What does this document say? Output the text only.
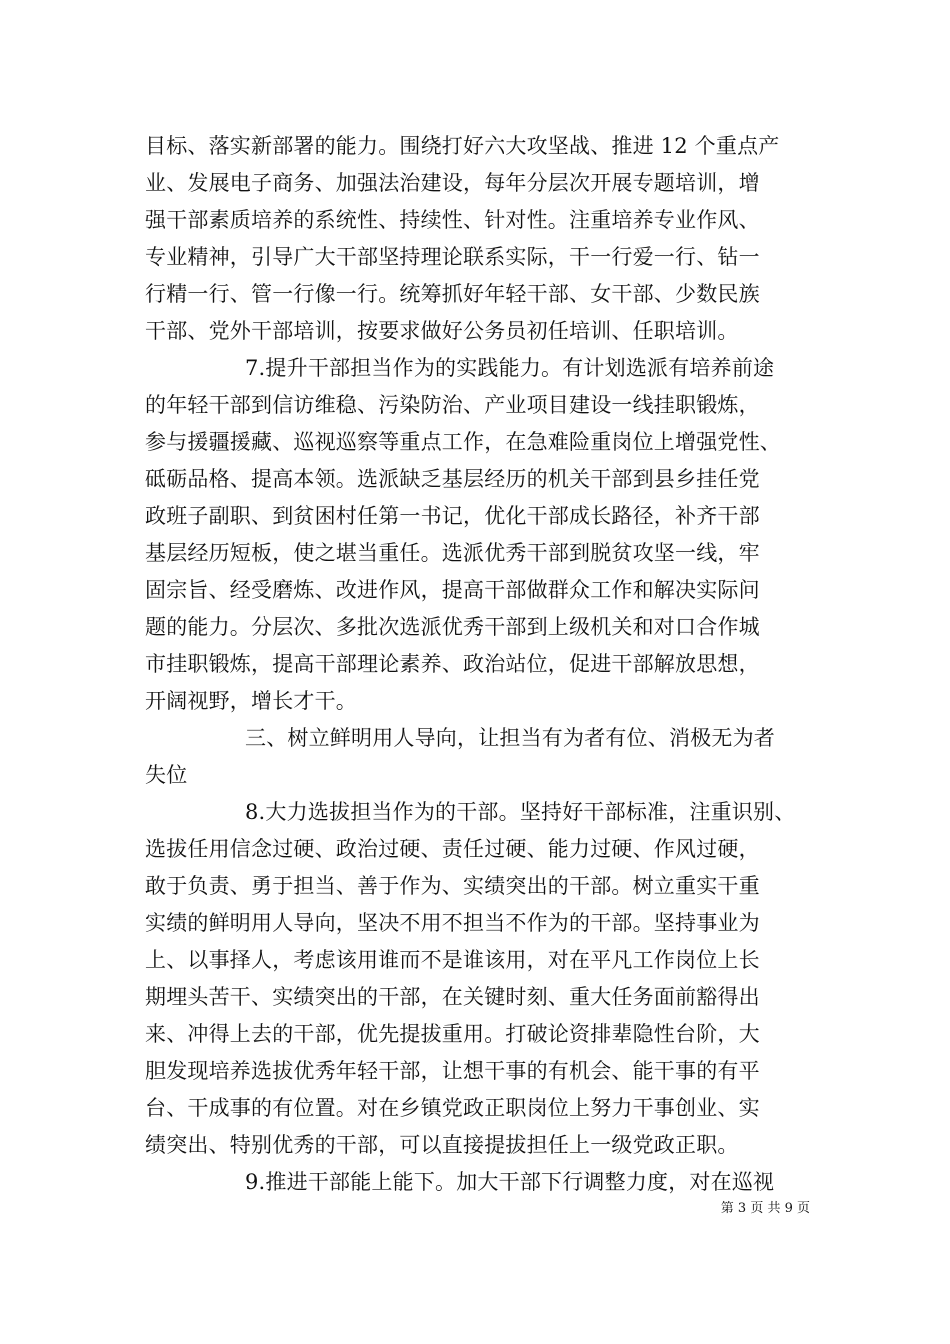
目标、落实新部署的能力。围绕打好六大攻坚战、推进 12 个重点产
业、发展电子商务、加强法治建设，每年分层次开展专题培训，增
强干部素质培养的系统性、持续性、针对性。注重培养专业作风、
专业精神，引导广大干部坚持理论联系实际，干一行爱一行、钻一
行精一行、管一行像一行。统筹抓好年轻干部、女干部、少数民族
干部、党外干部培训，按要求做好公务员初任培训、任职培训。
7.提升干部担当作为的实践能力。有计划选派有培养前途
的年轻干部到信访维稳、污染防治、产业项目建设一线挂职锻炼，
参与援疆援藏、巡视巡察等重点工作，在急难险重岗位上增强党性、
砥砺品格、提高本领。选派缺乏基层经历的机关干部到县乡挂任党
政班子副职、到贫困村任第一书记，优化干部成长路径，补齐干部
基层经历短板，使之堪当重任。选派优秀干部到脱贫攻坚一线，牢
固宗旨、经受磨炼、改进作风，提高干部做群众工作和解决实际问
题的能力。分层次、多批次选派优秀干部到上级机关和对口合作城
市挂职锻炼，提高干部理论素养、政治站位，促进干部解放思想，
开阔视野，增长才干。
三、树立鲜明用人导向，让担当有为者有位、消极无为者
失位
8.大力选拔担当作为的干部。坚持好干部标准，注重识别、
选拔任用信念过硬、政治过硬、责任过硬、能力过硬、作风过硬，
敢于负责、勇于担当、善于作为、实绩突出的干部。树立重实干重
实绩的鲜明用人导向，坚决不用不担当不作为的干部。坚持事业为
上、以事择人，考虑该用谁而不是谁该用，对在平凡工作岗位上长
期埋头苦干、实绩突出的干部，在关键时刻、重大任务面前豁得出
来、冲得上去的干部，优先提拔重用。打破论资排辈隐性台阶，大
胆发现培养选拔优秀年轻干部，让想干事的有机会、能干事的有平
台、干成事的有位置。对在乡镇党政正职岗位上努力干事创业、实
绩突出、特别优秀的干部，可以直接提拔担任上一级党政正职。
9.推进干部能上能下。加大干部下行调整力度，对在巡视
第 3 页 共 9 页
